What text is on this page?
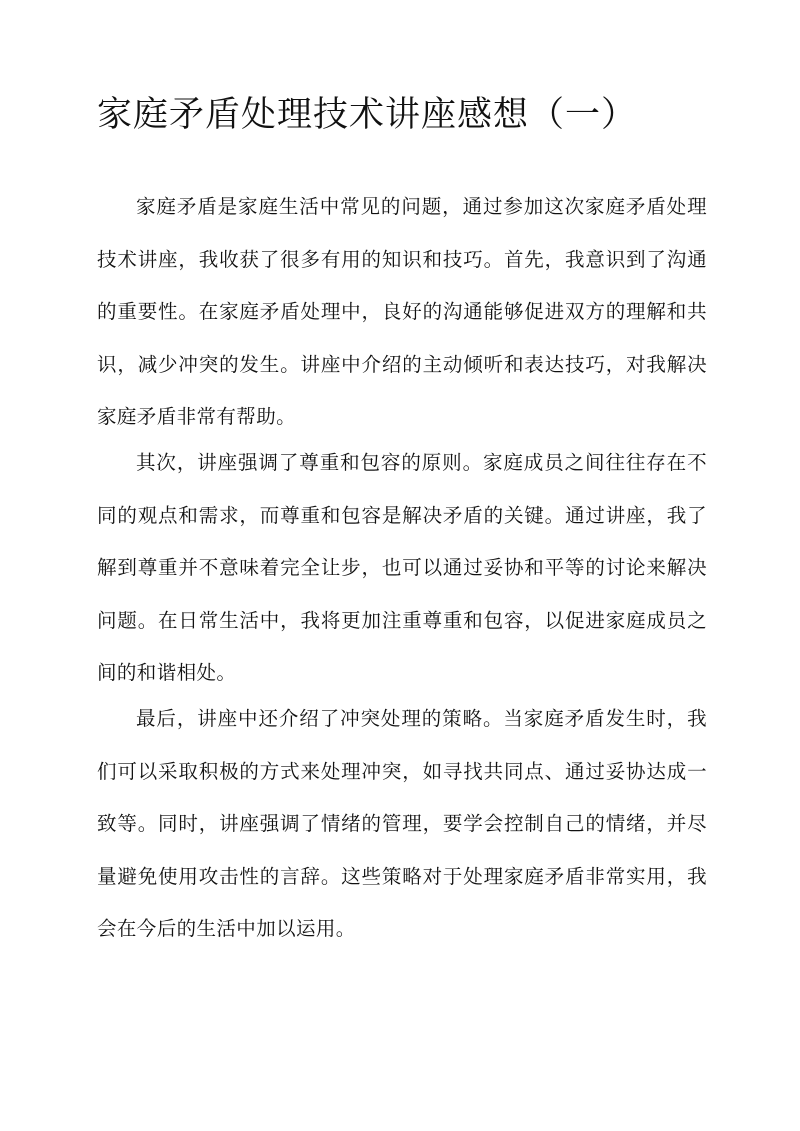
家庭矛盾处理技术讲座感想（一）

家庭矛盾是家庭生活中常见的问题，通过参加这次家庭矛盾处理技术讲座，我收获了很多有用的知识和技巧。首先，我意识到了沟通的重要性。在家庭矛盾处理中，良好的沟通能够促进双方的理解和共识，减少冲突的发生。讲座中介绍的主动倾听和表达技巧，对我解决家庭矛盾非常有帮助。

其次，讲座强调了尊重和包容的原则。家庭成员之间往往存在不同的观点和需求，而尊重和包容是解决矛盾的关键。通过讲座，我了解到尊重并不意味着完全让步，也可以通过妥协和平等的讨论来解决问题。在日常生活中，我将更加注重尊重和包容，以促进家庭成员之间的和谐相处。

最后，讲座中还介绍了冲突处理的策略。当家庭矛盾发生时，我们可以采取积极的方式来处理冲突，如寻找共同点、通过妥协达成一致等。同时，讲座强调了情绪的管理，要学会控制自己的情绪，并尽量避免使用攻击性的言辞。这些策略对于处理家庭矛盾非常实用，我会在今后的生活中加以运用。
